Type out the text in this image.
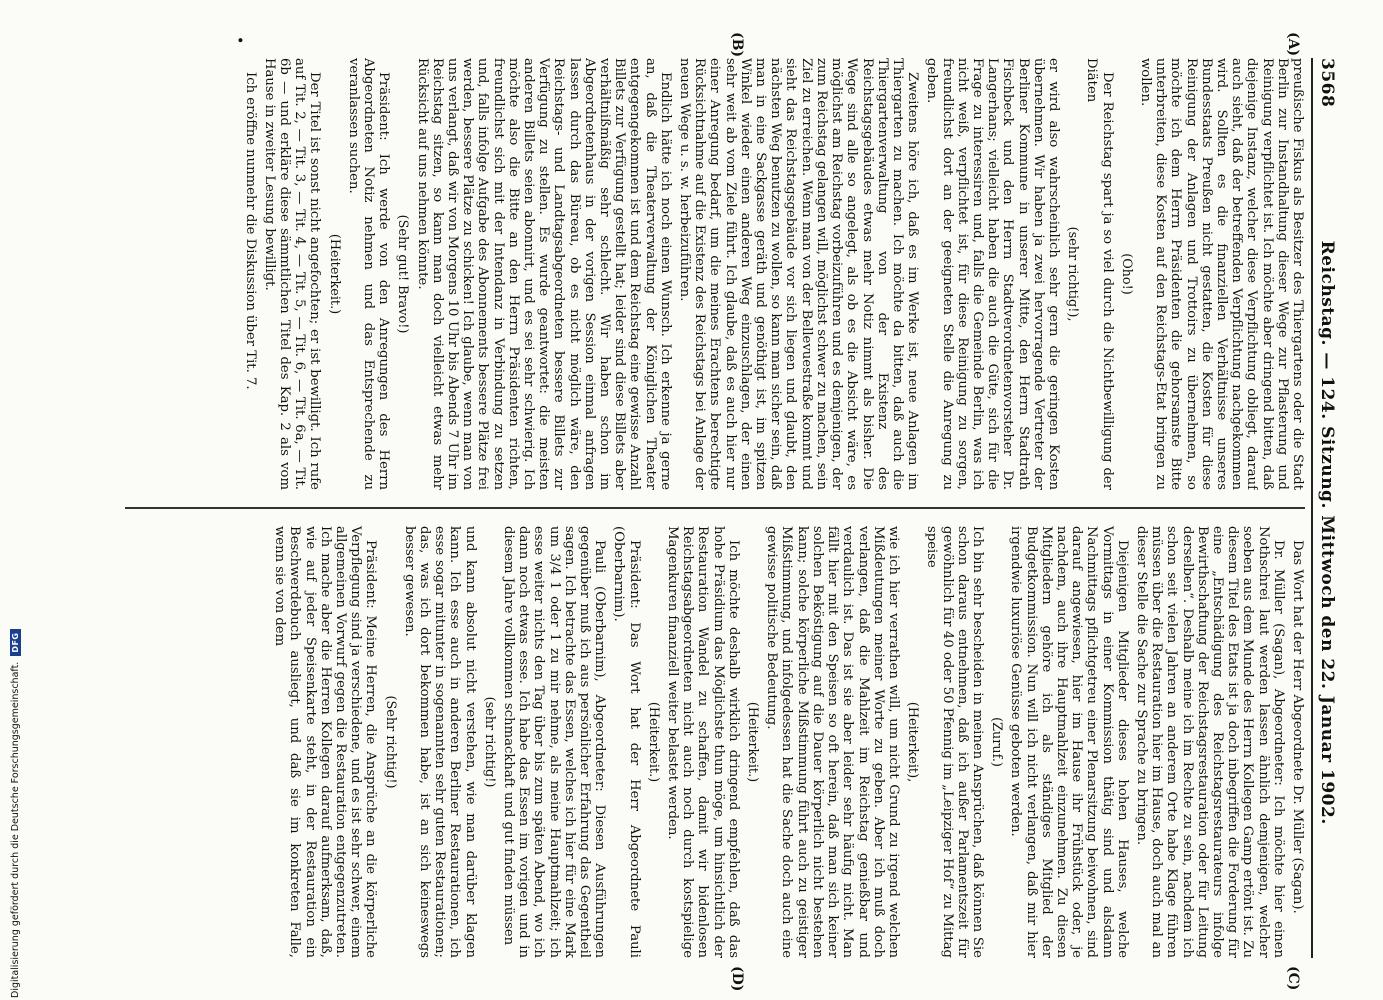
3568
Reichstag. — 124. Sitzung. Mittwoch den 22. Januar 1902.
(A)
(B)
(C)
(D)
•

preußische Fiskus als Besitzer des Thiergartens oder die Stadt Berlin zur Instandhaltung dieser Wege zur Pflasterung und Reinigung verpflichtet ist. Ich möchte aber dringend bitten, daß diejenige Instanz, welcher diese Verpflichtung obliegt, darauf auch sieht, daß der betreffenden Verpflichtung nachgekommen wird. Sollten es die finanziellen Verhältnisse unseres Bundesstaats Preußen nicht gestatten, die Kosten für diese Reinigung der Anlagen und Trottoirs zu übernehmen, so möchte ich dem Herrn Präsidenten die gehorsamste Bitte unterbreiten, diese Kosten auf den Reichstags-Etat bringen zu wollen.

(Oho!)

Der Reichstag spart ja so viel durch die Nichtbewilligung der Diäten

(sehr richtig!),

er wird also wahrscheinlich sehr gern die geringen Kosten übernehmen. Wir haben ja zwei hervorragende Vertreter der Berliner Kommune in unserer Mitte, den Herrn Stadtrath Fischbeck und den Herrn Stadtverordnetenvorsteher Dr. Langerhans; vielleicht haben die auch die Güte, sich für die Frage zu interessiren und, falls die Gemeinde Berlin, was ich nicht weiß, verpflichtet ist, für diese Reinigung zu sorgen, freundlichst dort an der geeigneten Stelle die Anregung zu geben.

Zweitens höre ich, daß es im Werke ist, neue Anlagen im Thiergarten zu machen. Ich möchte da bitten, daß auch die Thiergartenverwaltung von der Existenz des Reichstagsgebäudes etwas mehr Notiz nimmt als bisher. Die Wege sind alle so angelegt, als ob es die Absicht wäre, es möglichst am Reichstag vorbeizuführen und es demjenigen, der zum Reichstag gelangen will, möglichst schwer zu machen, sein Ziel zu erreichen. Wenn man von der Bellevuestraße kommt und sieht das Reichstagsgebäude vor sich liegen und glaubt, den nächsten Weg benutzen zu wollen, so kann man sicher sein, daß man in eine Sackgasse geräth und genöthigt ist, im spitzen Winkel wieder einen anderen Weg einzuschlagen, der einen sehr weit ab vom Ziele führt. Ich glaube, daß es auch hier nur einer Anregung bedarf, um die meines Erachtens berechtigte Rücksichtnahme auf die Existenz des Reichstags bei Anlage der neuen Wege u. s. w. herbeizuführen.

Endlich hätte ich noch einen Wunsch. Ich erkenne ja gerne an, daß die Theaterverwaltung der Königlichen Theater entgegengekommen ist und dem Reichstag eine gewisse Anzahl Billets zur Verfügung gestellt hat; leider sind diese Billets aber verhältnißmäßig sehr schlecht. Wir haben schon im Abgeordnetenhaus in der vorigen Session einmal anfragen lassen durch das Büreau, ob es nicht möglich wäre, den Reichstags- und Landtagsabgeordneten bessere Billets zur Verfügung zu stellen. Es wurde geantwortet: die meisten anderen Billets seien abonnirt, und es sei sehr schwierig. Ich möchte also die Bitte an den Herrn Präsidenten richten, freundlichst sich mit der Intendanz in Verbindung zu setzen und, falls infolge Aufgabe des Abonnements bessere Plätze frei werden, bessere Plätze zu schicken! Ich glaube, wenn man von uns verlangt, daß wir von Morgens 10 Uhr bis Abends 7 Uhr im Reichstag sitzen, so kann man doch vielleicht etwas mehr Rücksicht auf uns nehmen könnte.

(Sehr gut! Bravo!)

Präsident: Ich werde von den Anregungen des Herrn Abgeordneten Notiz nehmen und das Entsprechende zu veranlassen suchen.

(Heiterkeit.)

Der Titel ist sonst nicht angefochten; er ist bewilligt. Ich rufe auf Tit. 2, — Tit. 3, — Tit. 4, — Tit. 5, — Tit. 6, — Tit. 6a, — Tit. 6b — und erkläre diese sämmtlichen Titel des Kap. 2 als vom Hause in zweiter Lesung bewilligt.

Ich eröffne nunmehr die Diskussion über Tit. 7.

Das Wort hat der Herr Abgeordnete Dr. Müller (Sagan).

Dr. Müller (Sagan), Abgeordneter: Ich möchte hier einen Nothschrei laut werden lassen ähnlich demjenigen, welcher soeben aus dem Munde des Herrn Kollegen Gamp ertönt ist. Zu diesem Titel des Etats ist ja doch inbegriffen die Forderung für eine „Entschädigung des Reichstagsrestaurateurs infolge Bewirthschaftung der Reichstagsrestauration oder für Leitung derselben“. Deshalb meine ich im Rechte zu sein, nachdem ich schon seit vielen Jahren an anderem Orte habe Klage führen müssen über die Restauration hier im Hause, doch auch mal an dieser Stelle die Sache zur Sprache zu bringen.

Diejenigen Mitglieder dieses hohen Hauses, welche Vormittags in einer Kommission thätig sind und alsdann Nachmittags pflichtgetreu einer Plenarsitzung beiwohnen, sind darauf angewiesen, hier im Hause ihr Frühstück oder, je nachdem, auch ihre Hauptmahlzeit einzunehmen. Zu diesen Mitgliedern gehöre ich als ständiges Mitglied der Budgetkommission. Nun will ich nicht verlangen, daß mir hier irgendwie luxuriöse Genüsse geboten werden.

(Zuruf.)

Ich bin sehr bescheiden in meinen Ansprüchen, daß können Sie schon daraus entnehmen, daß ich außer Parlamentszeit für gewöhnlich für 40 oder 50 Pfennig im „Leipziger Hof“ zu Mittag speise

(Heiterkeit),

wie ich hier verrathen will, um nicht Grund zu irgend welchen Mißdeutungen meiner Worte zu geben. Aber ich muß doch verlangen, daß die Mahlzeit im Reichstag genießbar und verdaulich ist. Das ist sie aber leider sehr häufig nicht. Man fällt hier mit den Speisen so oft herein, daß man sich keiner solchen Beköstigung auf die Dauer körperlich nicht bestehen kann; solche körperliche Mißstimmung führt auch zu geistiger Mißstimmung, und infolgedessen hat die Sache doch auch eine gewisse politische Bedeutung.

(Heiterkeit.)

Ich möchte deshalb wirklich dringend empfehlen, daß das hohe Präsidium das Möglichste thun möge, um hinsichtlich der Restauration Wandel zu schaffen, damit wir bidenlosen Reichstagsabgeordneten nicht auch noch durch kostspielige Magenkuren finanziell weiter belastet werden.

(Heiterkeit.)

Präsident: Das Wort hat der Herr Abgeordnete Pauli (Oberbarnim).

Pauli (Oberbarnim), Abgeordneter: Diesen Ausführungen gegenüber muß ich aus persönlicher Erfahrung das Gegentheil sagen. Ich betrachte das Essen, welches ich hier für eine Mark um 3/4 1 oder 1 zu mir nehme, als meine Hauptmahlzeit; ich esse weiter nichts den Tag über bis zum späten Abend, wo ich dann noch etwas esse. Ich habe das Essen im vorigen und in diesem Jahre vollkommen schmackhaft und gut finden müssen

(sehr richtig!)

und kann absolut nicht verstehen, wie man darüber klagen kann. Ich esse auch in anderen Berliner Restaurationen, ich esse sogar mitunter in sogenannten sehr guten Restaurationen; das, was ich dort bekommen habe, ist an sich keineswegs besser gewesen.

(Sehr richtig!)

Präsident: Meine Herren, die Ansprüche an die körperliche Verpflegung sind ja verschiedene, und es ist sehr schwer, einem allgemeinen Vorwurf gegen die Restauration entgegenzutreten. Ich mache aber die Herren Kollegen darauf aufmerksam, daß, wie auf jeder Speisenkarte steht, in der Restauration ein Beschwerdebuch ausliegt, und daß sie im konkreten Falle, wenn sie von dem

Digitalisierung gefördert durch die Deutsche Forschungsgemeinschaft.
DFG
